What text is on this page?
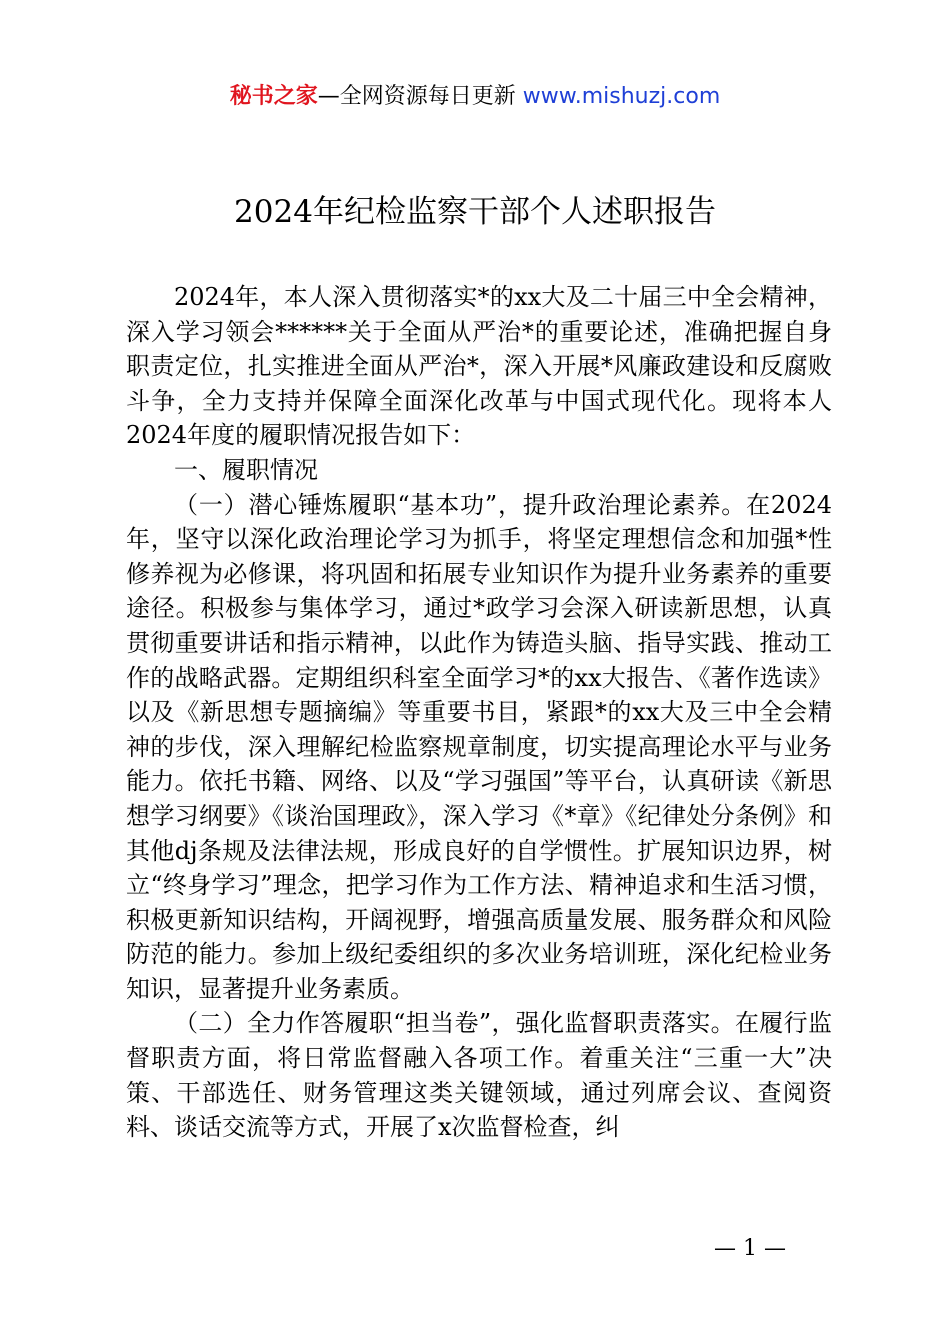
秘书之家—全网资源每日更新 www.mishuzj.com
2024年纪检监察干部个人述职报告

2024年，本人深入贯彻落实*的xx大及二十届三中全会精神，深入学习领会******关于全面从严治*的重要论述，准确把握自身职责定位，扎实推进全面从严治*，深入开展*风廉政建设和反腐败斗争，全力支持并保障全面深化改革与中国式现代化。现将本人2024年度的履职情况报告如下：

一、履职情况

（一）潜心锤炼履职“基本功”，提升政治理论素养。在2024年，坚守以深化政治理论学习为抓手，将坚定理想信念和加强*性修养视为必修课，将巩固和拓展专业知识作为提升业务素养的重要途径。积极参与集体学习，通过*政学习会深入研读新思想，认真贯彻重要讲话和指示精神，以此作为铸造头脑、指导实践、推动工作的战略武器。定期组织科室全面学习*的xx大报告、《著作选读》以及《新思想专题摘编》等重要书目，紧跟*的xx大及三中全会精神的步伐，深入理解纪检监察规章制度，切实提高理论水平与业务能力。依托书籍、网络、以及“学习强国”等平台，认真研读《新思想学习纲要》《谈治国理政》，深入学习《*章》《纪律处分条例》和其他dj条规及法律法规，形成良好的自学惯性。扩展知识边界，树立“终身学习”理念，把学习作为工作方法、精神追求和生活习惯，积极更新知识结构，开阔视野，增强高质量发展、服务群众和风险防范的能力。参加上级纪委组织的多次业务培训班，深化纪检业务知识，显著提升业务素质。

（二）全力作答履职“担当卷”，强化监督职责落实。在履行监督职责方面，将日常监督融入各项工作。着重关注“三重一大”决策、干部选任、财务管理这类关键领域，通过列席会议、查阅资料、谈话交流等方式，开展了x次监督检查，纠

— 1 —
